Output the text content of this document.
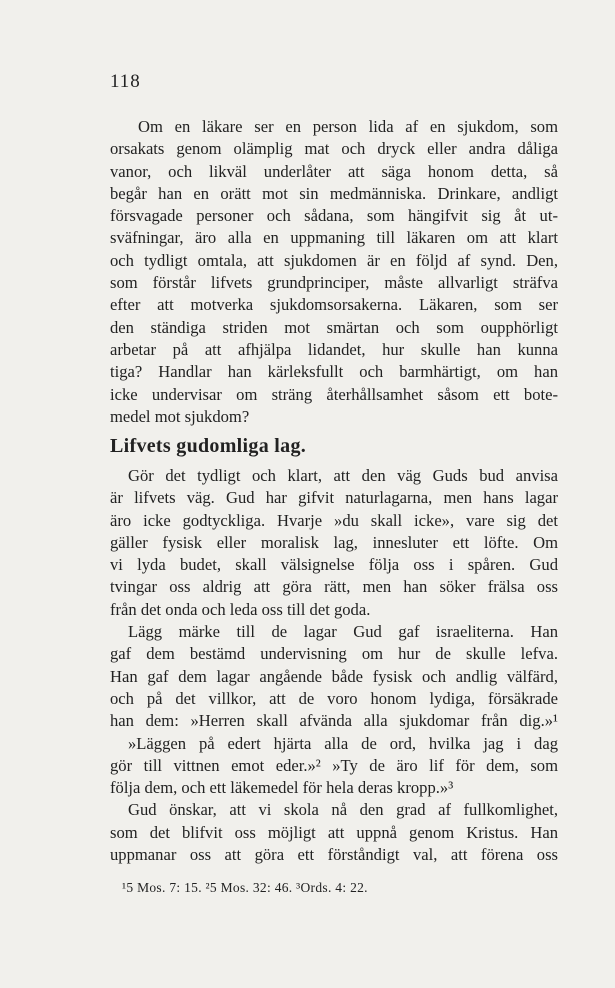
118
Om en läkare ser en person lida af en sjukdom, som
orsakats genom olämplig mat och dryck eller andra dåliga
vanor, och likväl underlåter att säga honom detta, så
begår han en orätt mot sin medmänniska. Drinkare, andligt
försvagade personer och sådana, som hängifvit sig åt ut-
sväfningar, äro alla en uppmaning till läkaren om att klart
och tydligt omtala, att sjukdomen är en följd af synd. Den,
som förstår lifvets grundprinciper, måste allvarligt sträfva
efter att motverka sjukdomsorsakerna. Läkaren, som ser
den ständiga striden mot smärtan och som oupphörligt
arbetar på att afhjälpa lidandet, hur skulle han kunna
tiga? Handlar han kärleksfullt och barmhärtigt, om han
icke undervisar om sträng återhållsamhet såsom ett bote-
medel mot sjukdom?
Lifvets gudomliga lag.
Gör det tydligt och klart, att den väg Guds bud anvisa
är lifvets väg. Gud har gifvit naturlagarna, men hans lagar
äro icke godtyckliga. Hvarje »du skall icke», vare sig det
gäller fysisk eller moralisk lag, innesluter ett löfte. Om
vi lyda budet, skall välsignelse följa oss i spåren. Gud
tvingar oss aldrig att göra rätt, men han söker frälsa oss
från det onda och leda oss till det goda.
Lägg märke till de lagar Gud gaf israeliterna. Han
gaf dem bestämd undervisning om hur de skulle lefva.
Han gaf dem lagar angående både fysisk och andlig välfärd,
och på det villkor, att de voro honom lydiga, försäkrade
han dem: »Herren skall afvända alla sjukdomar från dig.»¹
»Läggen på edert hjärta alla de ord, hvilka jag i dag
gör till vittnen emot eder.»² »Ty de äro lif för dem, som
följa dem, och ett läkemedel för hela deras kropp.»³
Gud önskar, att vi skola nå den grad af fullkomlighet,
som det blifvit oss möjligt att uppnå genom Kristus. Han
uppmanar oss att göra ett förståndigt val, att förena oss
¹5 Mos. 7: 15. ²5 Mos. 32: 46. ³Ords. 4: 22.
